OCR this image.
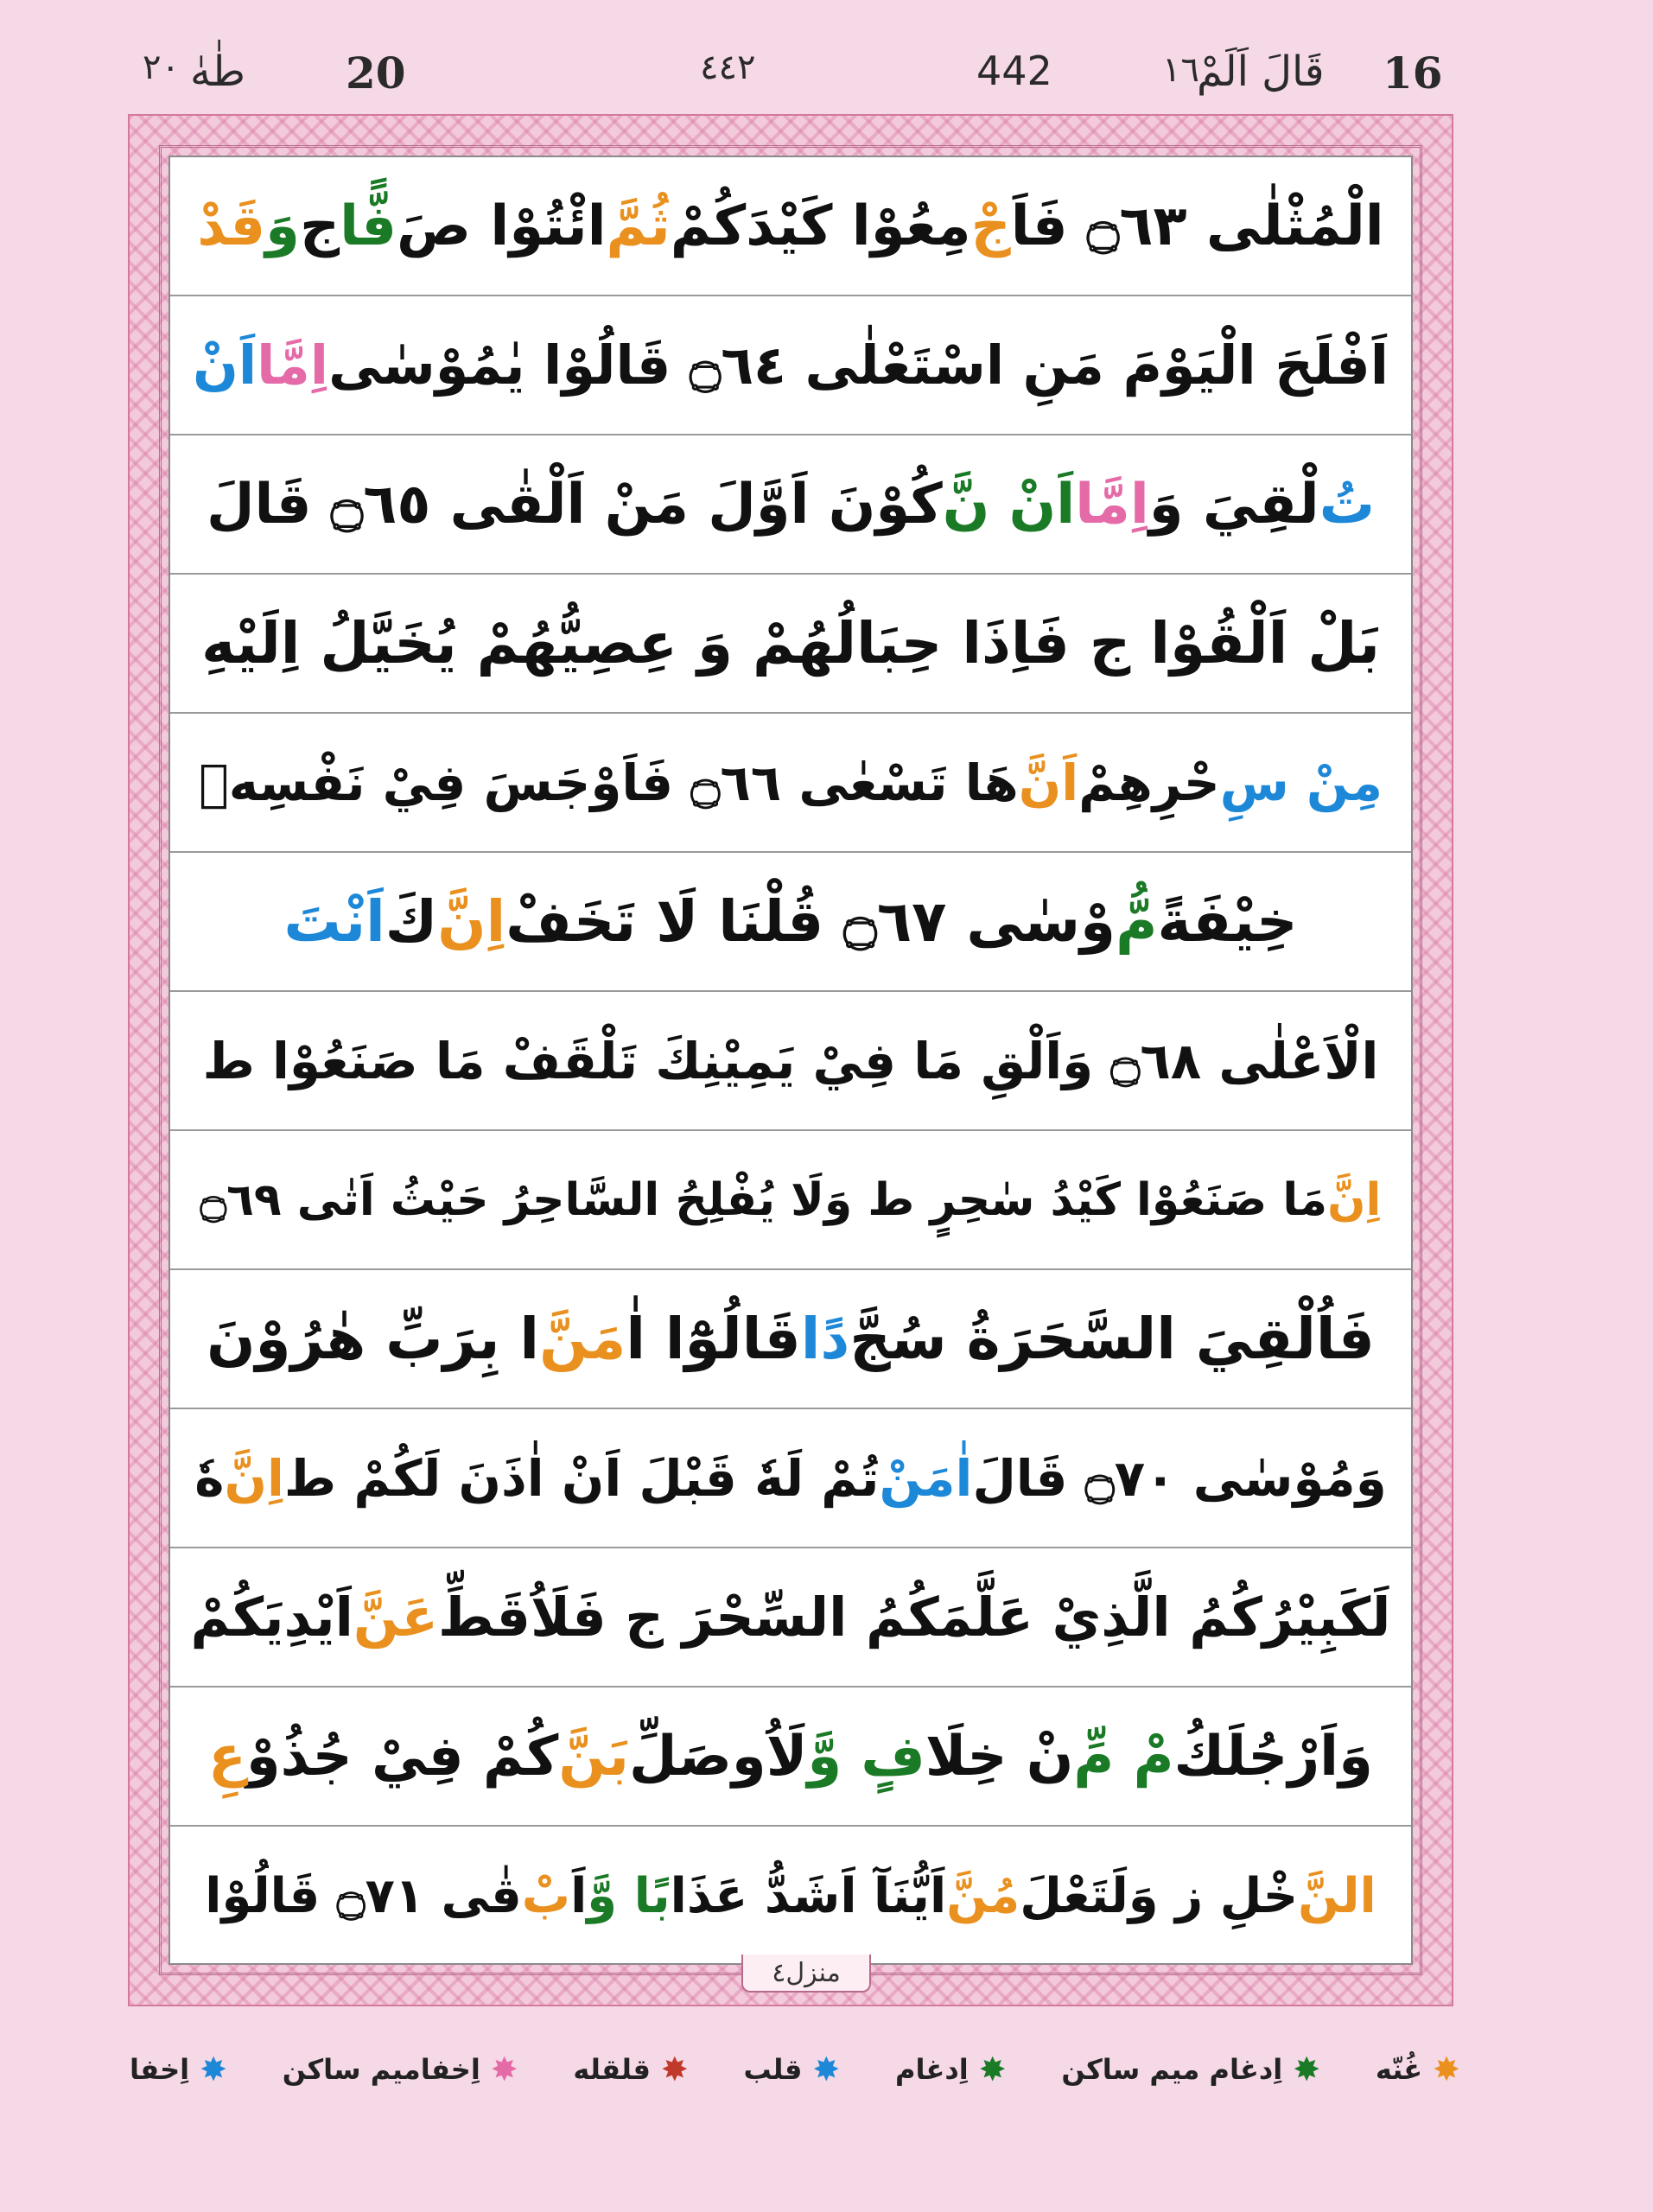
16
قَالَ اَلَمْ
442
٤٤٢
20
طٰهٰ
٢٠	١٦
الْمُثْلٰى ۝٦٣ فَاَ
جْ
مِعُوْا كَيْدَكُمْ
ثُمَّ
ائْتُوْا صَ
فًّا
ج
وَ
قَدْ
اَفْلَحَ الْيَوْمَ مَنِ اسْتَعْلٰى ۝٦٤ قَالُوْا يٰمُوْسٰى
اِمَّا
اَنْ
تُ
لْقِيَ وَ
اِمَّا
اَنْ نَّ
كُوْنَ اَوَّلَ مَنْ اَلْقٰى ۝٦٥ قَالَ
بَلْ اَلْقُوْا ج فَاِذَا حِبَالُهُمْ وَ عِصِيُّهُمْ يُخَيَّلُ اِلَيْهِ
مِنْ سِ
حْرِهِمْ
اَنَّ
هَا تَسْعٰى ۝٦٦ فَاَوْجَسَ فِيْ نَفْسِهٖ
خِيْفَةً
مُّ
وْسٰى ۝٦٧ قُلْنَا لَا تَخَفْ
اِنَّ
كَ
اَنْتَ
الْاَعْلٰى ۝٦٨ وَاَلْقِ مَا فِيْ يَمِيْنِكَ تَلْقَفْ مَا صَنَعُوْا ط
اِنَّ
مَا صَنَعُوْا كَيْدُ سٰحِرٍ ط وَلَا يُفْلِحُ السَّاحِرُ حَيْثُ اَتٰى ۝٦٩
فَاُلْقِيَ السَّحَرَةُ سُجَّ
دًا
قَالُوْٓا اٰ
مَنَّ
ا بِرَبِّ هٰرُوْنَ
وَمُوْسٰى ۝٧٠ قَالَ
اٰمَنْ
تُمْ لَهٗ قَبْلَ اَنْ اٰذَنَ لَكُمْ ط
اِنَّ
هٗ
لَكَبِيْرُكُمُ الَّذِيْ عَلَّمَكُمُ السِّحْرَ ج فَلَاُقَطِّ
عَنَّ
اَيْدِيَكُمْ
وَاَرْجُلَكُ
مْ مِّ
نْ خِلَا
فٍ وَّ
لَاُوصَلِّ
بَنَّ
كُمْ فِيْ جُذُوْ
عِ
النَّ
خْلِ ز وَلَتَعْلَ
مُنَّ
اَيُّنَآ اَشَدُّ عَذَا
بًا وَّ
اَ
بْ
قٰى ۝٧١ قَالُوْا
منزل٤
✸
اِخفا	✸
اِخفامیم ساکن	✸
قلقله	✸
قلب	✸
اِدغام	✸
اِدغام میم ساکن	✸
غُنّه
